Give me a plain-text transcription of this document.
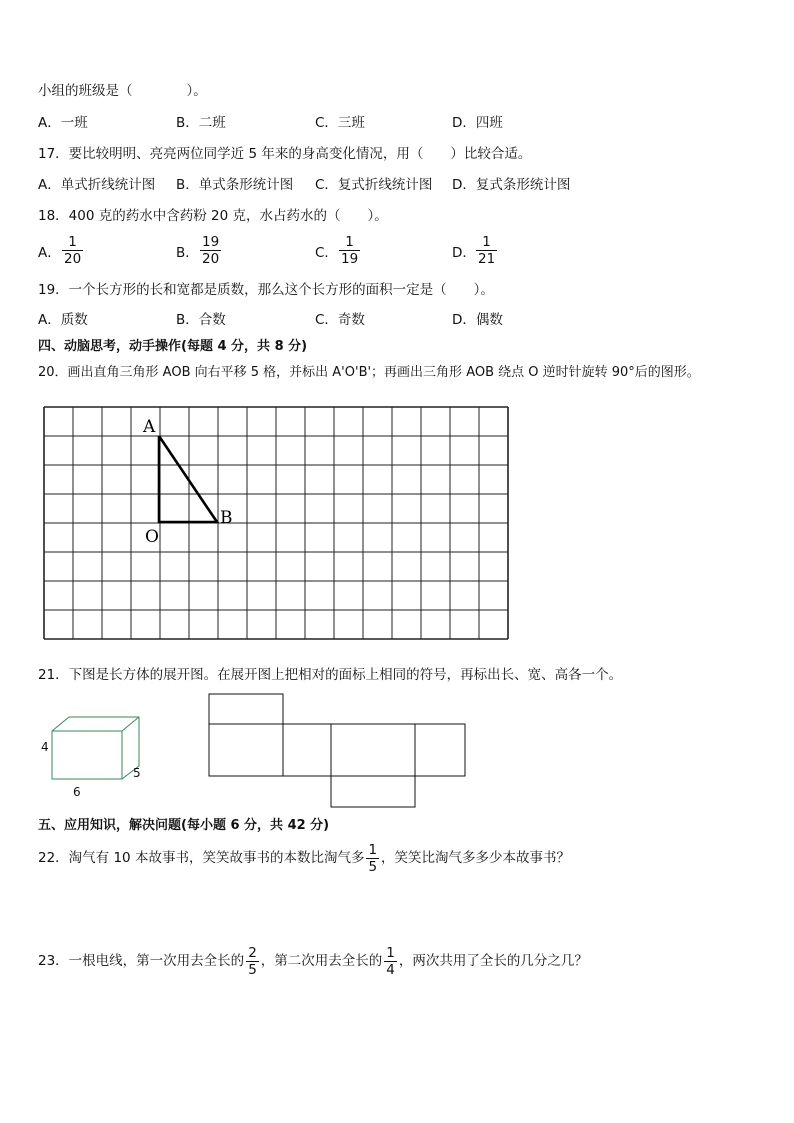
小组的班级是（　　　　）。
A．一班	B．二班	C．三班	D．四班
17．要比较明明、亮亮两位同学近 5 年来的身高变化情况，用（　　）比较合适。
A．单式折线统计图 B．单式条形统计图 C．复式折线统计图 D．复式条形统计图
18．400 克的药水中含药粉 20 克，水占药水的（　　）。
A．
1
20	B．
19
20	C．
1
19	D．
1
21
19．一个长方形的长和宽都是质数，那么这个长方形的面积一定是（　　）。
A．质数	B．合数	C．奇数	D．偶数
四、动脑思考，动手操作(每题 4 分，共 8 分)
20．画出直角三角形 AOB 向右平移 5 格，并标出 A'O'B'；再画出三角形 AOB 绕点 O 逆时针旋转 90°后的图形。
A
O
B
21．下图是长方体的展开图。在展开图上把相对的面标上相同的符号，再标出长、宽、高各一个。
4
6
5
五、应用知识，解决问题(每小题 6 分，共 42 分)
22．淘气有 10 本故事书，笑笑故事书的本数比淘气多 $\frac{1}{5}$ ，笑笑比淘气多多少本故事书？
23．一根电线，第一次用去全长的 $\frac{2}{5}$ ，第二次用去全长的 $\frac{1}{4}$ ，两次共用了全长的几分之几？
